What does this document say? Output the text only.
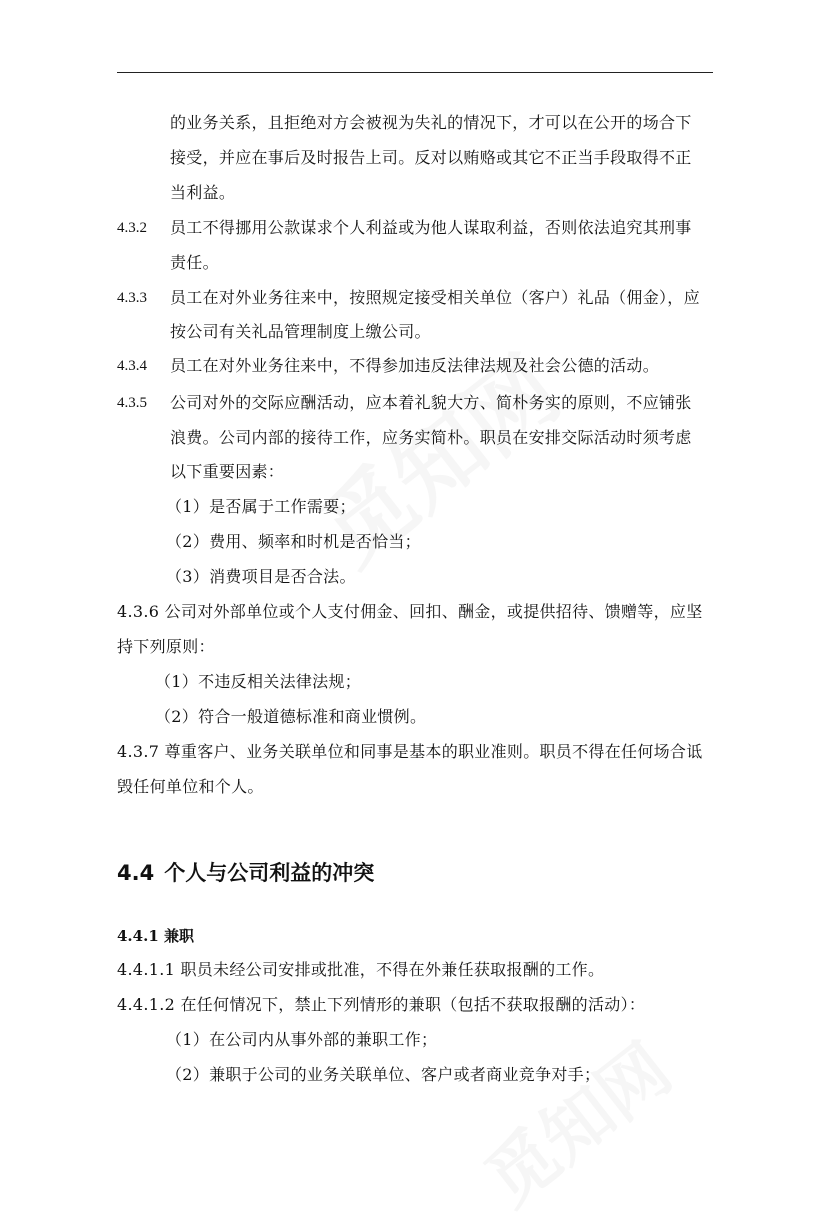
的业务关系，且拒绝对方会被视为失礼的情况下，才可以在公开的场合下
接受，并应在事后及时报告上司。反对以贿赂或其它不正当手段取得不正
当利益。
4.3.2 员工不得挪用公款谋求个人利益或为他人谋取利益，否则依法追究其刑事
责任。
4.3.3 员工在对外业务往来中，按照规定接受相关单位（客户）礼品（佣金），应
按公司有关礼品管理制度上缴公司。
4.3.4 员工在对外业务往来中，不得参加违反法律法规及社会公德的活动。
4.3.5 公司对外的交际应酬活动，应本着礼貌大方、简朴务实的原则，不应铺张
浪费。公司内部的接待工作，应务实简朴。职员在安排交际活动时须考虑
以下重要因素：
（1）是否属于工作需要；
（2）费用、频率和时机是否恰当；
（3）消费项目是否合法。
4.3.6 公司对外部单位或个人支付佣金、回扣、酬金，或提供招待、馈赠等，应坚
持下列原则：
（1）不违反相关法律法规；
（2）符合一般道德标准和商业惯例。
4.3.7 尊重客户、业务关联单位和同事是基本的职业准则。职员不得在任何场合诋
毁任何单位和个人。
4.4 个人与公司利益的冲突
4.4.1 兼职
4.4.1.1 职员未经公司安排或批准，不得在外兼任获取报酬的工作。
4.4.1.2 在任何情况下，禁止下列情形的兼职（包括不获取报酬的活动）：
（1）在公司内从事外部的兼职工作；
（2）兼职于公司的业务关联单位、客户或者商业竞争对手；
